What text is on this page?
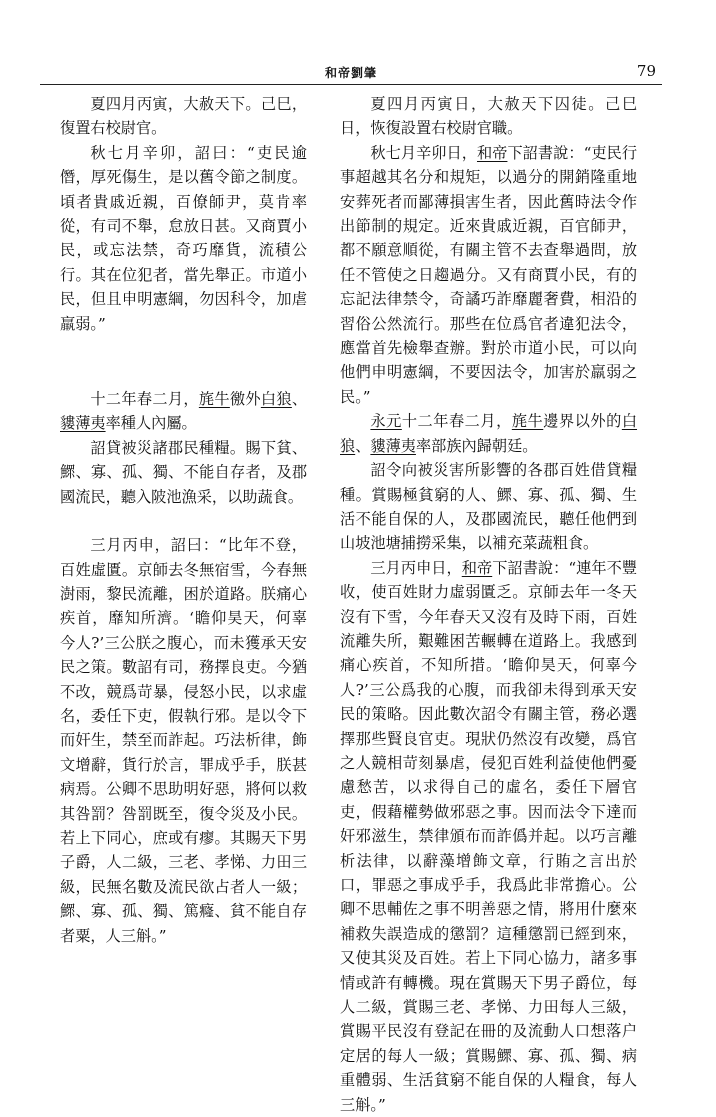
和帝劉肇	79

夏四月丙寅，大赦天下。己巳，復置右校尉官。

秋七月辛卯，詔曰：“吏民逾僭，厚死傷生，是以舊令節之制度。頃者貴戚近親，百僚師尹，莫肯率從，有司不舉，怠放日甚。又商賈小民，或忘法禁，奇巧靡貨，流積公行。其在位犯者，當先舉正。市道小民，但且申明憲綱，勿因科令，加虐羸弱。”

十二年春二月，旄牛徼外白狼、貗薄夷率種人內屬。

詔貸被災諸郡民種糧。賜下貧、鰥、寡、孤、獨、不能自存者，及郡國流民，聽入陂池漁采，以助蔬食。

三月丙申，詔曰：“比年不登，百姓虛匱。京師去冬無宿雪，今春無澍雨，黎民流離，困於道路。朕痛心疾首，靡知所濟。‘瞻仰昊天，何辜今人?’三公朕之腹心，而未獲承天安民之策。數詔有司，務擇良吏。今猶不改，競爲苛暴，侵怒小民，以求虛名，委任下吏，假執行邪。是以令下而奸生，禁至而詐起。巧法析律，飾文增辭，貨行於言，罪成乎手，朕甚病焉。公卿不思助明好惡，將何以救其咎罰？咎罰既至，復令災及小民。若上下同心，庶或有瘳。其賜天下男子爵，人二級，三老、孝悌、力田三級，民無名數及流民欲占者人一級；鰥、寡、孤、獨、篤癃、貧不能自存者粟，人三斛。”

夏四月丙寅日，大赦天下囚徒。己巳日，恢復設置右校尉官職。

秋七月辛卯日，和帝下詔書說：“吏民行事超越其名分和規矩，以過分的開銷隆重地安葬死者而鄙薄損害生者，因此舊時法令作出節制的規定。近來貴戚近親，百官師尹，都不願意順從，有關主管不去查舉過問，放任不管使之日趨過分。又有商賈小民，有的忘記法律禁令，奇譎巧詐靡麗奢費，相沿的習俗公然流行。那些在位爲官者違犯法令，應當首先檢舉查辦。對於市道小民，可以向他們申明憲綱，不要因法令，加害於羸弱之民。”

永元十二年春二月，旄牛邊界以外的白狼、貗薄夷率部族內歸朝廷。

詔令向被災害所影響的各郡百姓借貸糧種。賞賜極貧窮的人、鰥、寡、孤、獨、生活不能自保的人，及郡國流民，聽任他們到山坡池塘捕撈采集，以補充菜蔬粗食。

三月丙申日，和帝下詔書說：“連年不豐收，使百姓財力虛弱匱乏。京師去年一冬天沒有下雪，今年春天又沒有及時下雨，百姓流離失所，艱難困苦輾轉在道路上。我感到痛心疾首，不知所措。‘瞻仰昊天，何辜今人?’三公爲我的心腹，而我卻未得到承天安民的策略。因此數次詔令有關主管，務必選擇那些賢良官吏。現狀仍然沒有改變，爲官之人競相苛刻暴虐，侵犯百姓利益使他們憂慮愁苦，以求得自己的虛名，委任下層官吏，假藉權勢做邪惡之事。因而法令下達而奸邪滋生，禁律頒布而詐僞并起。以巧言離析法律，以辭藻增飾文章，行賄之言出於口，罪惡之事成乎手，我爲此非常擔心。公卿不思輔佐之事不明善惡之情，將用什麼來補救失誤造成的懲罰？這種懲罰已經到來，又使其災及百姓。若上下同心協力，諸多事情或許有轉機。現在賞賜天下男子爵位，每人二級，賞賜三老、孝悌、力田每人三級，賞賜平民沒有登記在冊的及流動人口想落户定居的每人一級；賞賜鰥、寡、孤、獨、病重體弱、生活貧窮不能自保的人糧食，每人三斛。”
